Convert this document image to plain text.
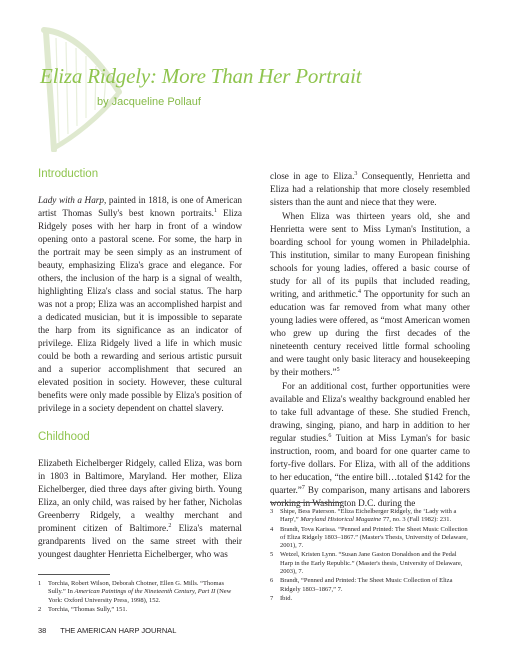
Eliza Ridgely: More Than Her Portrait

by Jacqueline Pollauf

Introduction

Lady with a Harp, painted in 1818, is one of American artist Thomas Sully's best known portraits.$^1$ Eliza Ridgely poses with her harp in front of a window opening onto a pastoral scene. For some, the harp in the portrait may be seen simply as an instrument of beauty, emphasizing Eliza's grace and elegance. For others, the inclusion of the harp is a signal of wealth, highlighting Eliza's class and social status. The harp was not a prop; Eliza was an accomplished harpist and a dedicated musician, but it is impossible to separate the harp from its significance as an indicator of privilege. Eliza Ridgely lived a life in which music could be both a rewarding and serious artistic pursuit and a superior accomplishment that secured an elevated position in society. However, these cultural benefits were only made possible by Eliza's position of privilege in a society dependent on chattel slavery.

Childhood

Elizabeth Eichelberger Ridgely, called Eliza, was born in 1803 in Baltimore, Maryland. Her mother, Eliza Eichelberger, died three days after giving birth. Young Eliza, an only child, was raised by her father, Nicholas Greenberry Ridgely, a wealthy merchant and prominent citizen of Baltimore.$^2$ Eliza's maternal grandparents lived on the same street with their youngest daughter Henrietta Eichelberger, who was

close in age to Eliza.$^3$ Consequently, Henrietta and Eliza had a relationship that more closely resembled sisters than the aunt and niece that they were.

When Eliza was thirteen years old, she and Henrietta were sent to Miss Lyman's Institution, a boarding school for young women in Philadelphia. This institution, similar to many European finishing schools for young ladies, offered a basic course of study for all of its pupils that included reading, writing, and arithmetic.$^4$ The opportunity for such an education was far removed from what many other young ladies were offered, as “most American women who grew up during the first decades of the nineteenth century received little formal schooling and were taught only basic literacy and housekeeping by their mothers.”$^5$

For an additional cost, further opportunities were available and Eliza's wealthy background enabled her to take full advantage of these. She studied French, drawing, singing, piano, and harp in addition to her regular studies.$^6$ Tuition at Miss Lyman's for basic instruction, room, and board for one quarter came to forty-five dollars. For Eliza, with all of the additions to her education, “the entire bill…totaled $142 for the quarter.”$^7$ By comparison, many artisans and laborers working in Washington D.C. during the

1	Torchia, Robert Wilson, Deborah Chotner, Ellen G. Mills. “Thomas Sully.” In American Paintings of the Nineteenth Century, Part II (New York: Oxford University Press, 1998), 152.
2	Torchia, “Thomas Sully,” 151.
3	Shipe, Bess Paterson. “Eliza Eichelberger Ridgely, the ‘Lady with a Harp',” Maryland Historical Magazine 77, no. 3 (Fall 1982): 231.
4	Brandt, Tova Karissa. “Penned and Printed: The Sheet Music Collection of Eliza Ridgely 1803–1867.” (Master's Thesis, University of Delaware, 2001), 7.
5	Wetzel, Kristen Lynn. “Susan Jane Gaston Donaldson and the Pedal Harp in the Early Republic.” (Master's thesis, University of Delaware, 2003), 7.
6	Brandt, “Penned and Printed: The Sheet Music Collection of Eliza Ridgely 1803–1867,” 7.
7	Ibid.
38 THE AMERICAN HARP JOURNAL
